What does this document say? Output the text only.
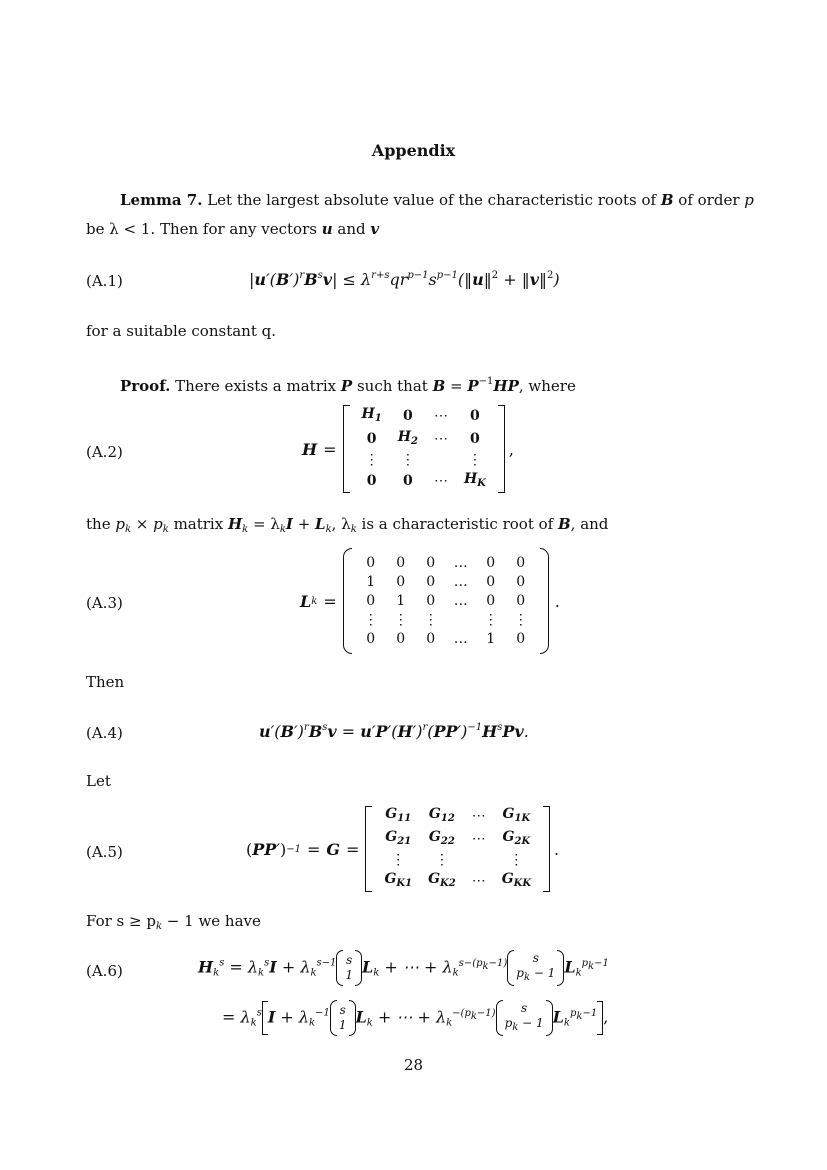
Appendix
Lemma 7. Let the largest absolute value of the characteristic roots of B of order p
be λ < 1. Then for any vectors u and v
(A.1)	$|u'(B')^rB^sv|$ ≤ $\lambda^{r+s}qr^{p-1}s^{p-1}(‖u‖^2$ + ‖v‖$^2$)
for a suitable constant q.
Proof. There exists a matrix P such that $B = P^{-1}HP$, where
(A.2)	H =
$H_1$	0	⋯	0
0	$H_2$	⋯	0
⋮	⋮		⋮
0	0	⋯	$H_K$
,
the $p_k \times p_k$ matrix $H_k = \lambda_kI + L_k$, $\lambda_k$ is a characteristic root of B, and
(A.3)	L k =
0	0	0	…	0	0
1	0	0	…	0	0
0	1	0	…	0	0
⋮	⋮	⋮		⋮	⋮
0	0	0	…	1	0
.
Then
(A.4)	$u'(B')^rB^sv = u'P'(H')^r(PP')^{-1}H^sPv$.
Let
(A.5)	( PP ′ ) −1 = G =
$G_{11}$	$G_{12}$	⋯	$G_{1K}$
$G_{21}$	$G_{22}$	⋯	$G_{2K}$
⋮	⋮		⋮
$G_{K1}$	$G_{K2}$	⋯	$G_{KK}$
.
For $s \ge p_k - 1$ we have
(A.6)	$H_k^s = \lambda_k^sI + \lambda_k^{s-1}$ s
1 $L_k$ + ⋯ + $\lambda_k^{s-(p_k-1)}$ s
$p_k - 1$ $L_k^{p_k-1}$
= $\lambda_k^s$ $I + \lambda_k^{-1}$ s
1 $L_k$ + ⋯ + $\lambda_k^{-(p_k-1)}$ s
$p_k - 1$ $L_k^{p_k-1}$ ,
28
